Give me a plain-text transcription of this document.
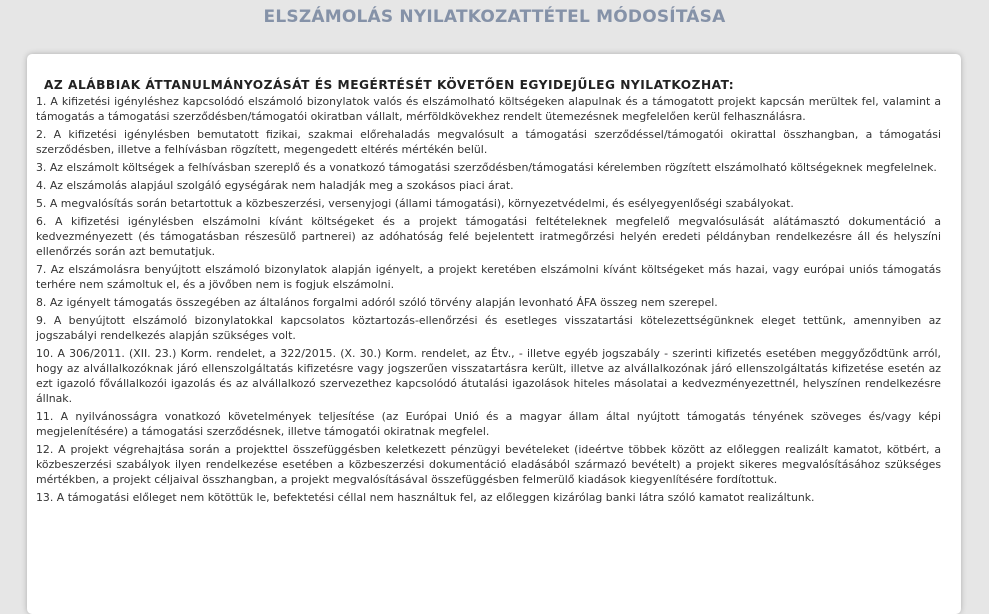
ELSZÁMOLÁS NYILATKOZATTÉTEL MÓDOSÍTÁSA
AZ ALÁBBIAK ÁTTANULMÁNYOZÁSÁT ÉS MEGÉRTÉSÉT KÖVETŐEN EGYIDEJŰLEG NYILATKOZHAT:
1. A kifizetési igényléshez kapcsolódó elszámoló bizonylatok valós és elszámolható költségeken alapulnak és a támogatott projekt kapcsán merültek fel, valamint a támogatás a támogatási szerződésben/támogatói okiratban vállalt, mérföldkövekhez rendelt ütemezésnek megfelelően kerül felhasználásra.
2. A kifizetési igénylésben bemutatott fizikai, szakmai előrehaladás megvalósult a támogatási szerződéssel/támogatói okirattal összhangban, a támogatási szerződésben, illetve a felhívásban rögzített, megengedett eltérés mértékén belül.
3. Az elszámolt költségek a felhívásban szereplő és a vonatkozó támogatási szerződésben/támogatási kérelemben rögzített elszámolható költségeknek megfelelnek.
4. Az elszámolás alapjául szolgáló egységárak nem haladják meg a szokásos piaci árat.
5. A megvalósítás során betartottuk a közbeszerzési, versenyjogi (állami támogatási), környezetvédelmi, és esélyegyenlőségi szabályokat.
6. A kifizetési igénylésben elszámolni kívánt költségeket és a projekt támogatási feltételeknek megfelelő megvalósulását alátámasztó dokumentáció a kedvezményezett (és támogatásban részesülő partnerei) az adóhatóság felé bejelentett iratmegőrzési helyén eredeti példányban rendelkezésre áll és helyszíni ellenőrzés során azt bemutatjuk.
7. Az elszámolásra benyújtott elszámoló bizonylatok alapján igényelt, a projekt keretében elszámolni kívánt költségeket más hazai, vagy európai uniós támogatás terhére nem számoltuk el, és a jövőben nem is fogjuk elszámolni.
8. Az igényelt támogatás összegében az általános forgalmi adóról szóló törvény alapján levonható ÁFA összeg nem szerepel.
9. A benyújtott elszámoló bizonylatokkal kapcsolatos köztartozás-ellenőrzési és esetleges visszatartási kötelezettségünknek eleget tettünk, amennyiben az jogszabályi rendelkezés alapján szükséges volt.
10. A 306/2011. (XII. 23.) Korm. rendelet, a 322/2015. (X. 30.) Korm. rendelet, az Étv., - illetve egyéb jogszabály - szerinti kifizetés esetében meggyőződtünk arról, hogy az alvállalkozóknak járó ellenszolgáltatás kifizetésre vagy jogszerűen visszatartásra került, illetve az alvállalkozónak járó ellenszolgáltatás kifizetése esetén az ezt igazoló fővállalkozói igazolás és az alvállalkozó szervezethez kapcsolódó átutalási igazolások hiteles másolatai a kedvezményezettnél, helyszínen rendelkezésre állnak.
11. A nyilvánosságra vonatkozó követelmények teljesítése (az Európai Unió és a magyar állam által nyújtott támogatás tényének szöveges és/vagy képi megjelenítésére) a támogatási szerződésnek, illetve támogatói okiratnak megfelel.
12. A projekt végrehajtása során a projekttel összefüggésben keletkezett pénzügyi bevételeket (ideértve többek között az előleggen realizált kamatot, kötbért, a közbeszerzési szabályok ilyen rendelkezése esetében a közbeszerzési dokumentáció eladásából származó bevételt) a projekt sikeres megvalósításához szükséges mértékben, a projekt céljaival összhangban, a projekt megvalósításával összefüggésben felmerülő kiadások kiegyenlítésére fordítottuk.
13. A támogatási előleget nem kötöttük le, befektetési céllal nem használtuk fel, az előleggen kizárólag banki látra szóló kamatot realizáltunk.
